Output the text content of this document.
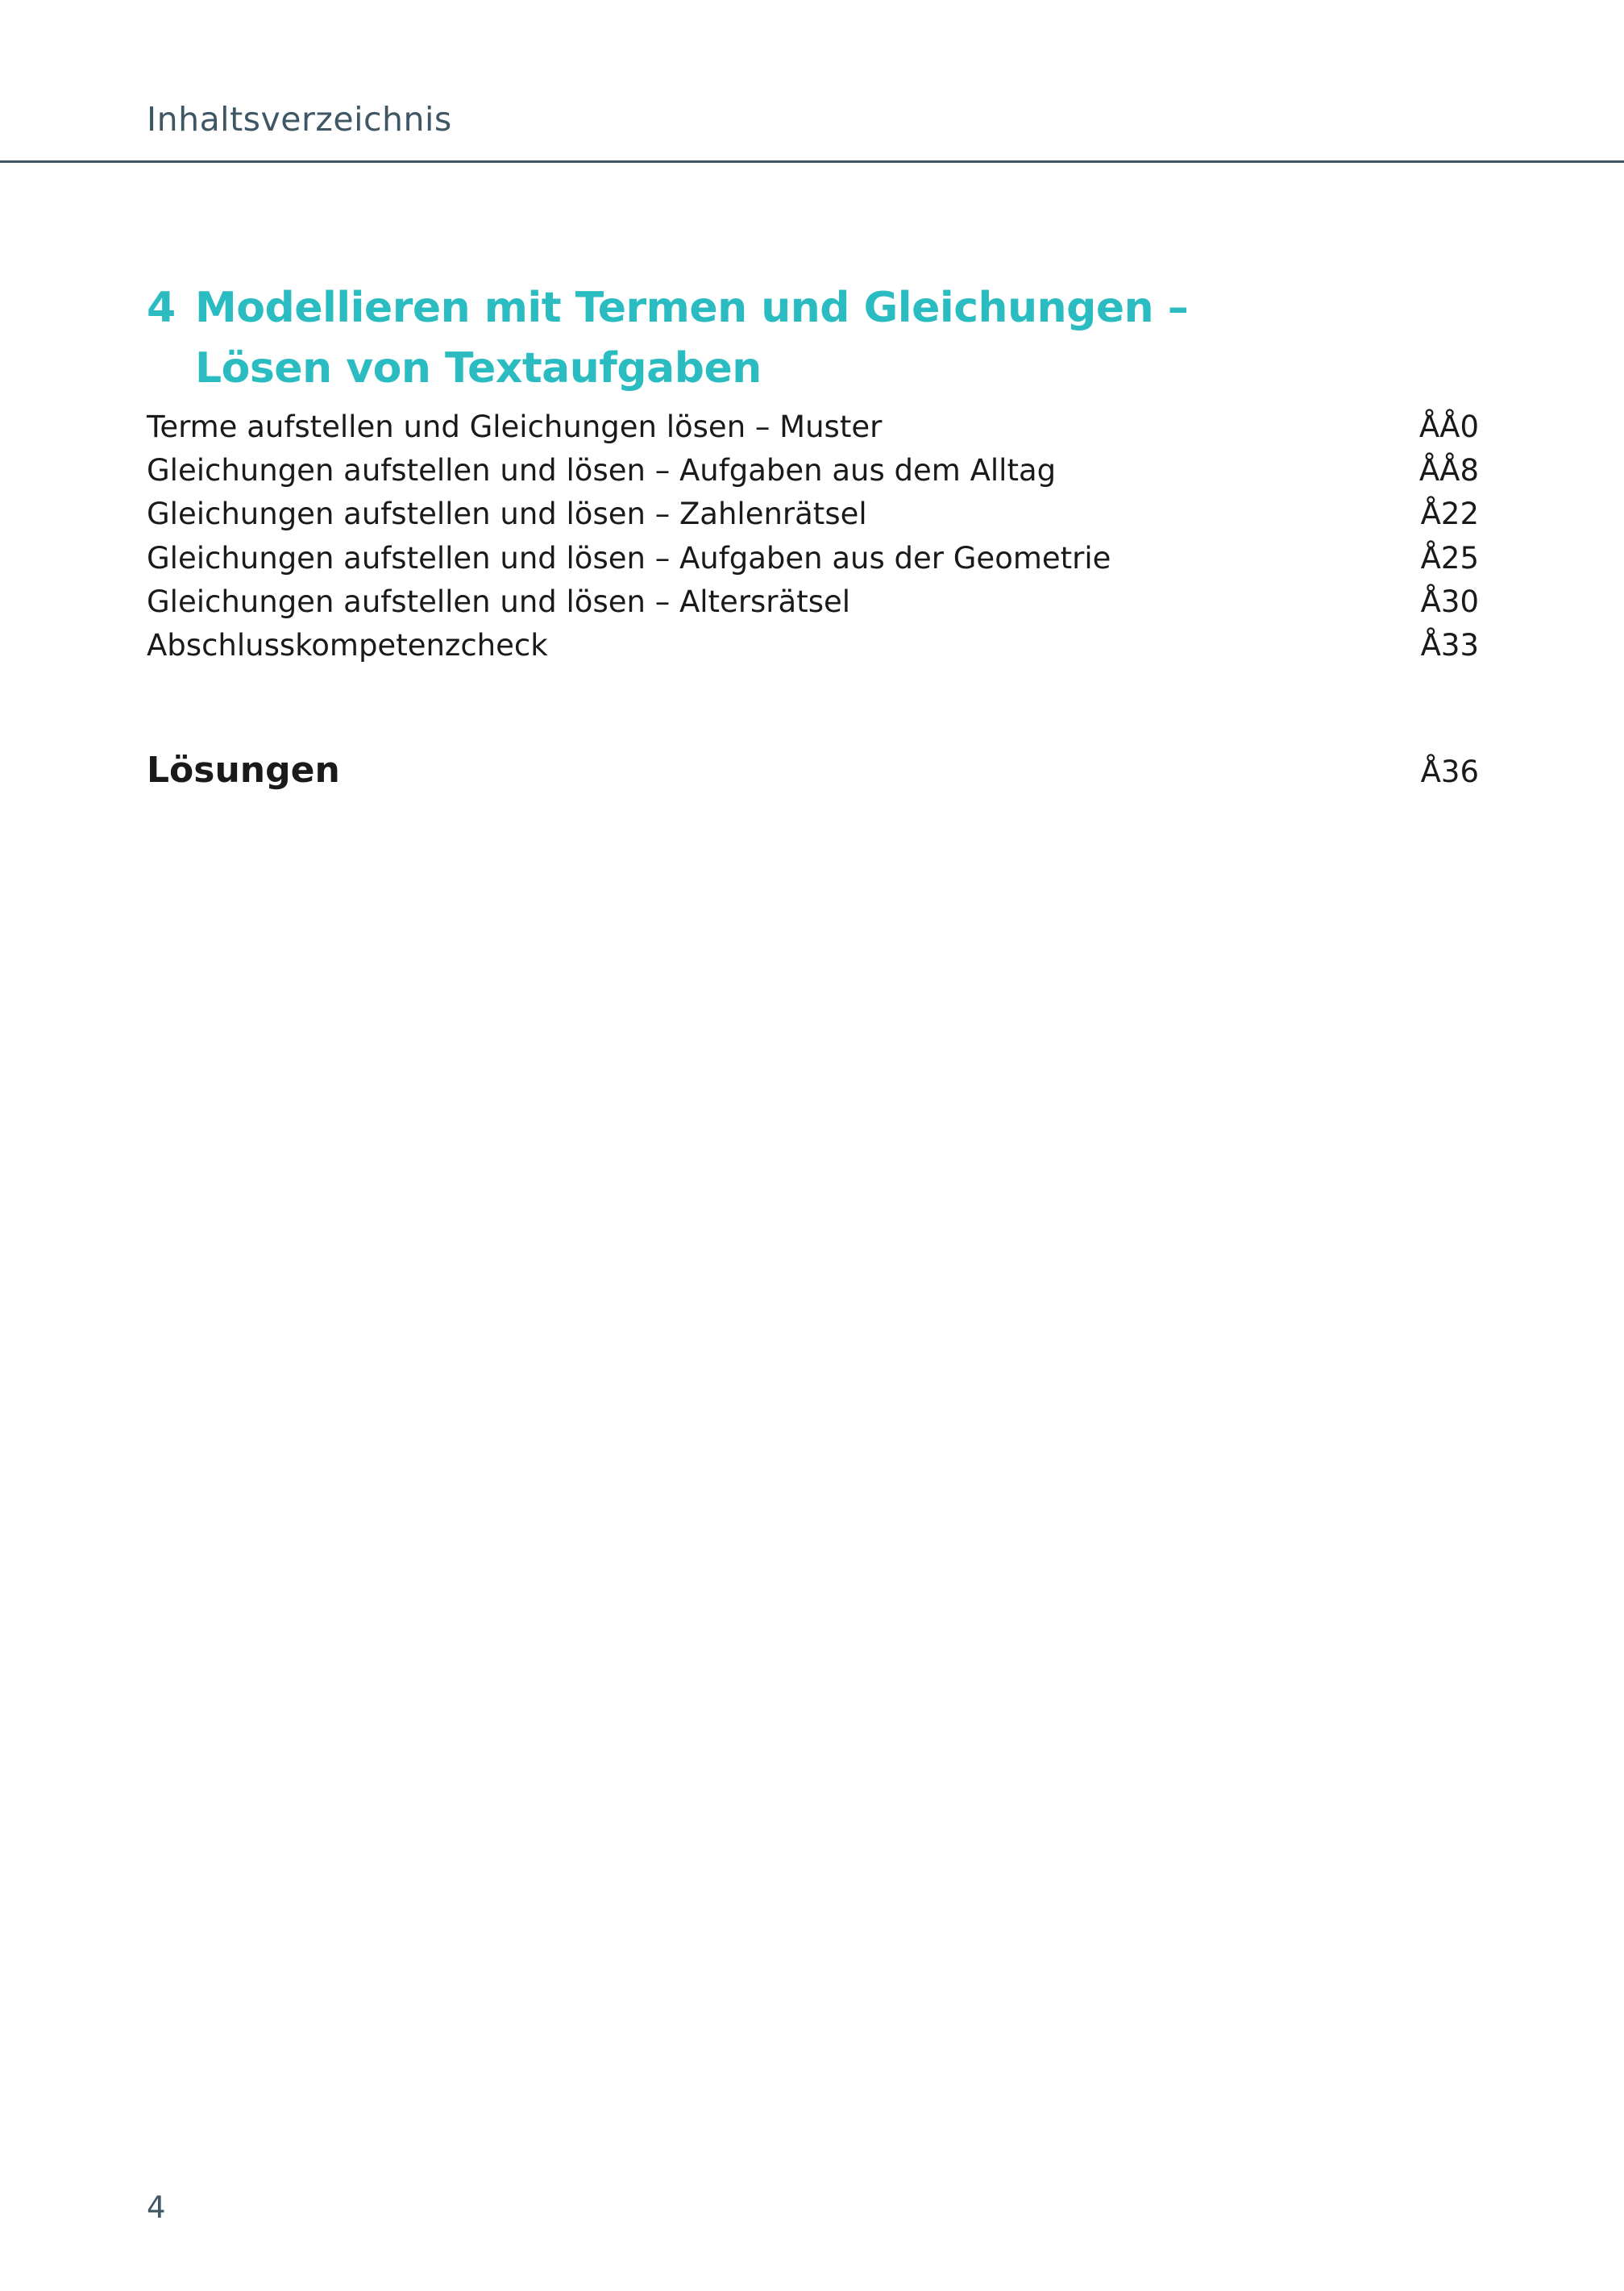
Inhaltsverzeichnis
4 Modellieren mit Termen und Gleichungen –
Lösen von Textaufgaben
Terme aufstellen und Gleichungen lösen – Muster	ÅÅ0
Gleichungen aufstellen und lösen – Aufgaben aus dem Alltag	ÅÅ8
Gleichungen aufstellen und lösen – Zahlenrätsel	Å22
Gleichungen aufstellen und lösen – Aufgaben aus der Geometrie	Å25
Gleichungen aufstellen und lösen – Altersrätsel	Å30
Abschlusskompetenzcheck	Å33
Lösungen	Å36
4
